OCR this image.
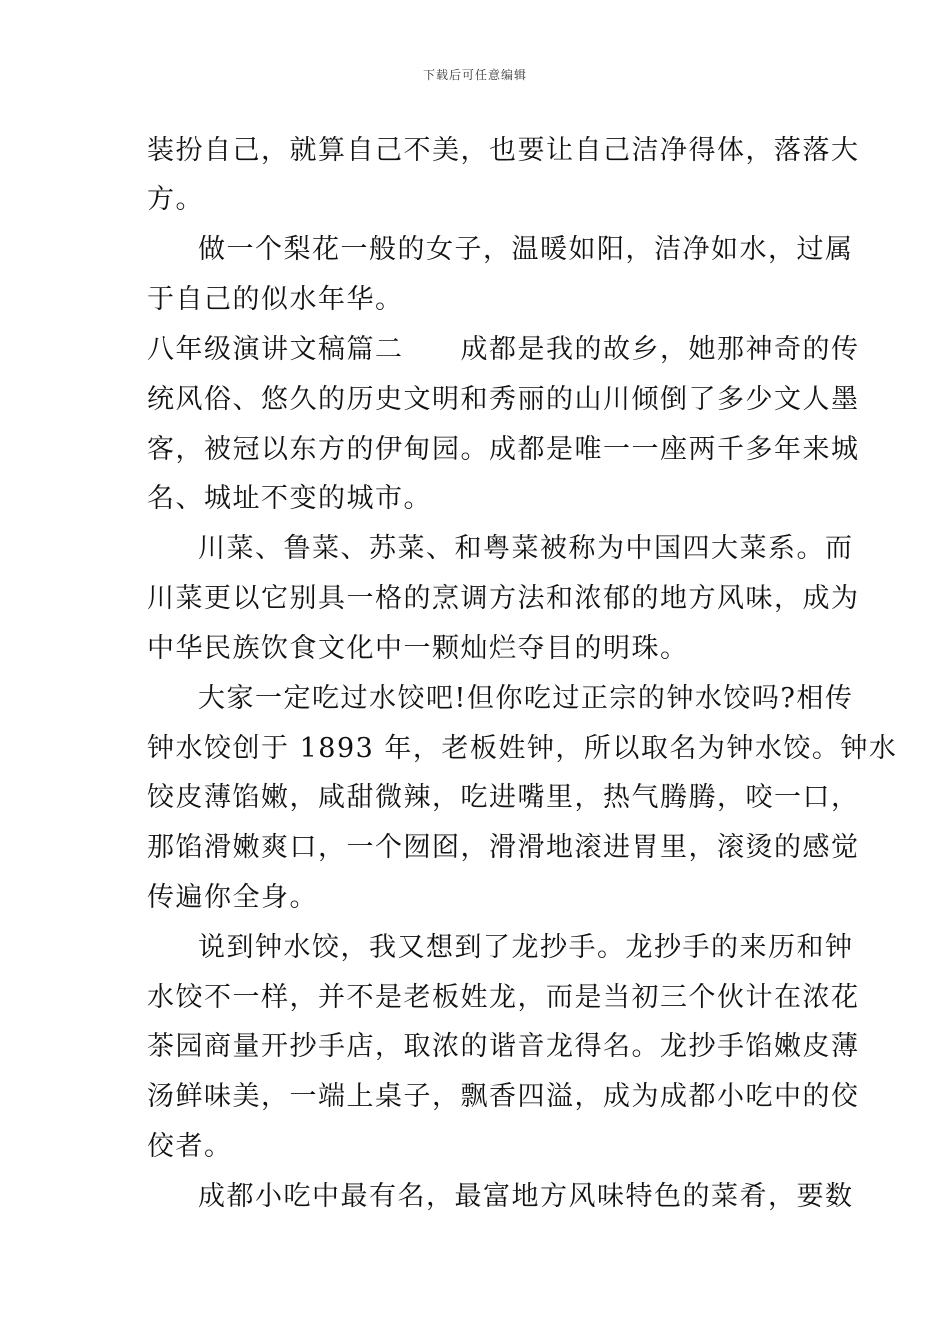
下载后可任意编辑
装扮自己，就算自己不美，也要让自己洁净得体，落落大
方。
做一个梨花一般的女子，温暖如阳，洁净如水，过属
于自己的似水年华。
八年级演讲文稿篇二　　成都是我的故乡，她那神奇的传
统风俗、悠久的历史文明和秀丽的山川倾倒了多少文人墨
客，被冠以东方的伊甸园。成都是唯一一座两千多年来城
名、城址不变的城市。
川菜、鲁菜、苏菜、和粤菜被称为中国四大菜系。而
川菜更以它别具一格的烹调方法和浓郁的地方风味，成为
中华民族饮食文化中一颗灿烂夺目的明珠。
大家一定吃过水饺吧!但你吃过正宗的钟水饺吗?相传
钟水饺创于 1893 年，老板姓钟，所以取名为钟水饺。钟水
饺皮薄馅嫩，咸甜微辣，吃进嘴里，热气腾腾，咬一口，
那馅滑嫩爽口，一个囫囵，滑滑地滚进胃里，滚烫的感觉
传遍你全身。
说到钟水饺，我又想到了龙抄手。龙抄手的来历和钟
水饺不一样，并不是老板姓龙，而是当初三个伙计在浓花
茶园商量开抄手店，取浓的谐音龙得名。龙抄手馅嫩皮薄
汤鲜味美，一端上桌子，飘香四溢，成为成都小吃中的佼
佼者。
成都小吃中最有名，最富地方风味特色的菜肴，要数
